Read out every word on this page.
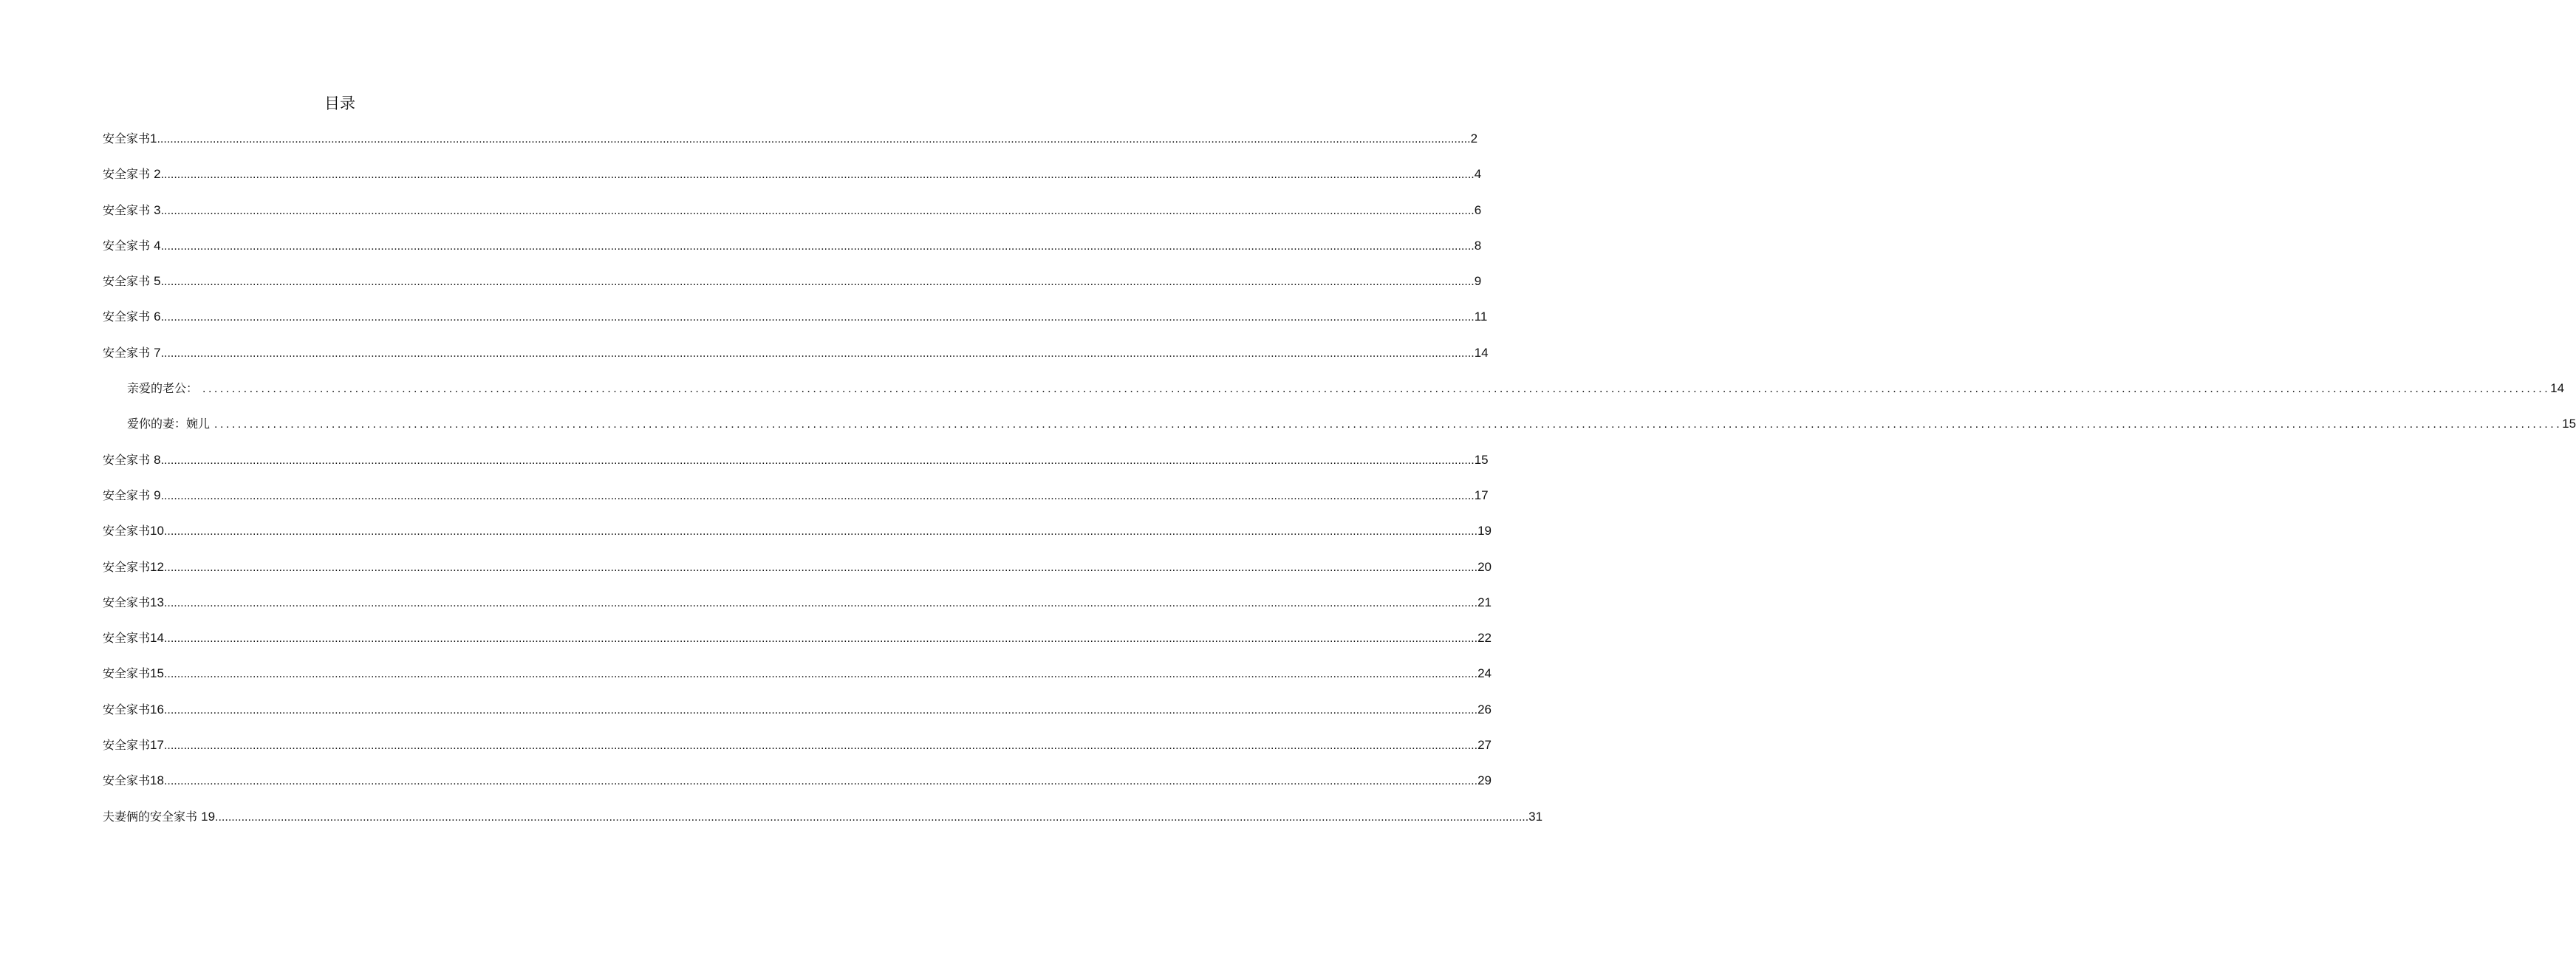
目录
安全家书 1 ................................................................................................................................................................................................................................................................................................................................................................................................................ 2
安全家书
2 ................................................................................................................................................................................................................................................................................................................................................................................................................ 4
安全家书
3 ................................................................................................................................................................................................................................................................................................................................................................................................................ 6
安全家书
4 ................................................................................................................................................................................................................................................................................................................................................................................................................ 8
安全家书
5 ................................................................................................................................................................................................................................................................................................................................................................................................................ 9
安全家书
6 ................................................................................................................................................................................................................................................................................................................................................................................................................ 11
安全家书
7 ................................................................................................................................................................................................................................................................................................................................................................................................................ 14
亲爱的老公： ................................................................................................................................................................................................................................................................................................................................................................................................................ 14
爱你的妻：婉儿 ................................................................................................................................................................................................................................................................................................................................................................................................................ 15
安全家书
8 ................................................................................................................................................................................................................................................................................................................................................................................................................ 15
安全家书
9 ................................................................................................................................................................................................................................................................................................................................................................................................................ 17
安全家书 10 ................................................................................................................................................................................................................................................................................................................................................................................................................ 19
安全家书 12 ................................................................................................................................................................................................................................................................................................................................................................................................................ 20
安全家书 13 ................................................................................................................................................................................................................................................................................................................................................................................................................ 21
安全家书 14 ................................................................................................................................................................................................................................................................................................................................................................................................................ 22
安全家书 15 ................................................................................................................................................................................................................................................................................................................................................................................................................ 24
安全家书 16 ................................................................................................................................................................................................................................................................................................................................................................................................................ 26
安全家书 17 ................................................................................................................................................................................................................................................................................................................................................................................................................ 27
安全家书 18 ................................................................................................................................................................................................................................................................................................................................................................................................................ 29
夫妻俩的安全家书
19 ................................................................................................................................................................................................................................................................................................................................................................................................................ 31
